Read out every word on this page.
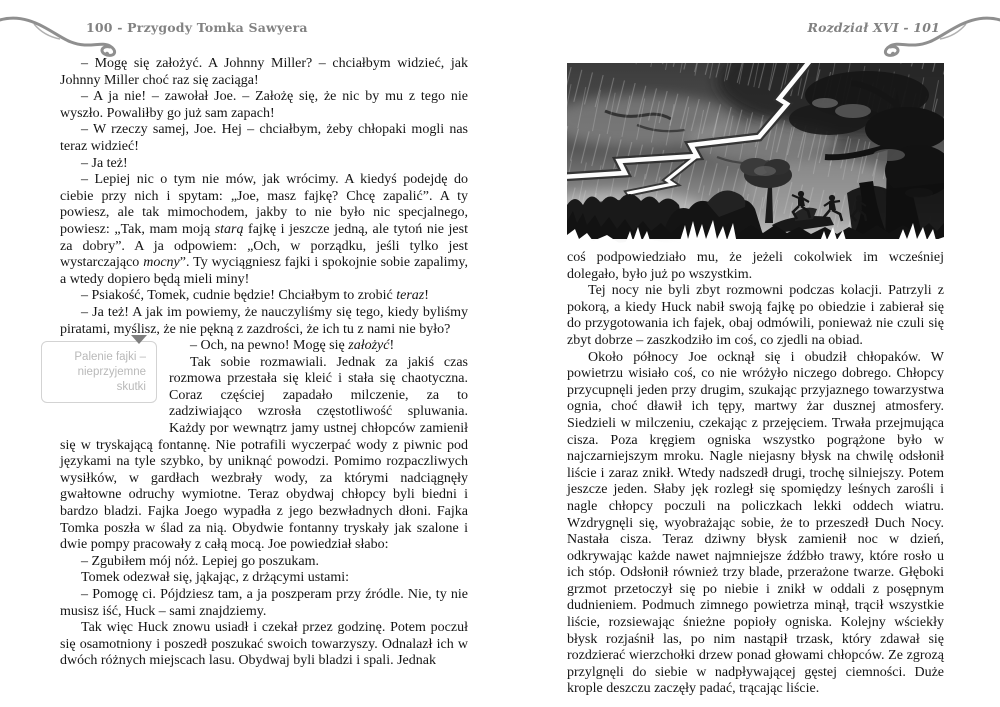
100 - Przygody Tomka Sawyera	Rozdział XVI - 101

– Mogę się założyć. A Johnny Miller? – chciałbym widzieć, jak Johnny Miller choć raz się zaciąga!

– A ja nie! – zawołał Joe. – Założę się, że nic by mu z tego nie wyszło. Powaliłby go już sam zapach!

– W rzeczy samej, Joe. Hej – chciałbym, żeby chłopaki mogli nas teraz widzieć!

– Ja też!

– Lepiej nic o tym nie mów, jak wrócimy. A kiedyś podejdę do ciebie przy nich i spytam: „Joe, masz fajkę? Chcę zapalić”. A ty powiesz, ale tak mimochodem, jakby to nie było nic specjalnego, powiesz: „Tak, mam moją starą fajkę i jeszcze jedną, ale tytoń nie jest za dobry”. A ja odpowiem: „Och, w porządku, jeśli tylko jest wystarczająco mocny”. Ty wyciągniesz fajki i spokojnie sobie zapalimy, a wtedy dopiero będą mieli miny!

– Psiakość, Tomek, cudnie będzie! Chciałbym to zrobić teraz!

– Ja też! A jak im powiemy, że nauczyliśmy się tego, kiedy byliśmy piratami, myślisz, że nie pękną z zazdrości, że ich tu z nami nie było?

Palenie fajki –
nieprzyjemne skutki

– Och, na pewno! Mogę się założyć!

Tak sobie rozmawiali. Jednak za jakiś czas rozmowa przestała się kleić i stała się chaotyczna. Coraz częściej zapadało milczenie, za to zadziwiająco wzrosła częstotliwość spluwania. Każdy por wewnątrz jamy ustnej chłopców zamienił się w tryskającą fontannę. Nie potrafili wyczerpać wody z piwnic pod językami na tyle szybko, by uniknąć powodzi. Pomimo rozpaczliwych wysiłków, w gardłach wezbrały wody, za którymi nadciągnęły gwałtowne odruchy wymiotne. Teraz obydwaj chłopcy byli biedni i bardzo bladzi. Fajka Joego wypadła z jego bezwładnych dłoni. Fajka Tomka poszła w ślad za nią. Obydwie fontanny tryskały jak szalone i dwie pompy pracowały z całą mocą. Joe powiedział słabo:

– Zgubiłem mój nóż. Lepiej go poszukam.

Tomek odezwał się, jąkając, z drżącymi ustami:

– Pomogę ci. Pójdziesz tam, a ja poszperam przy źródle. Nie, ty nie musisz iść, Huck – sami znajdziemy.

Tak więc Huck znowu usiadł i czekał przez godzinę. Potem poczuł się osamotniony i poszedł poszukać swoich towarzyszy. Odnalazł ich w dwóch różnych miejscach lasu. Obydwaj byli bladzi i spali. Jednak

coś podpowiedziało mu, że jeżeli cokolwiek im wcześniej dolegało, było już po wszystkim.

Tej nocy nie byli zbyt rozmowni podczas kolacji. Patrzyli z pokorą, a kiedy Huck nabił swoją fajkę po obiedzie i zabierał się do przygotowania ich fajek, obaj odmówili, ponieważ nie czuli się zbyt dobrze – zaszkodziło im coś, co zjedli na obiad.

Około północy Joe ocknął się i obudził chłopaków. W powietrzu wisiało coś, co nie wróżyło niczego dobrego. Chłopcy przycupnęli jeden przy drugim, szukając przyjaznego towarzystwa ognia, choć dławił ich tępy, martwy żar dusznej atmosfery. Siedzieli w milczeniu, czekając z przejęciem. Trwała przejmująca cisza. Poza kręgiem ogniska wszystko pogrążone było w najczarniejszym mroku. Nagle niejasny błysk na chwilę odsłonił liście i zaraz znikł. Wtedy nadszedł drugi, trochę silniejszy. Potem jeszcze jeden. Słaby jęk rozległ się spomiędzy leśnych zarośli i nagle chłopcy poczuli na policzkach lekki oddech wiatru. Wzdrygnęli się, wyobrażając sobie, że to przeszedł Duch Nocy. Nastała cisza. Teraz dziwny błysk zamienił noc w dzień, odkrywając każde nawet najmniejsze źdźbło trawy, które rosło u ich stóp. Odsłonił również trzy blade, przerażone twarze. Głęboki grzmot przetoczył się po niebie i znikł w oddali z posępnym dudnieniem. Podmuch zimnego powietrza minął, trącił wszystkie liście, rozsiewając śnieżne popioły ogniska. Kolejny wściekły błysk rozjaśnił las, po nim nastąpił trzask, który zdawał się rozdzierać wierzchołki drzew ponad głowami chłopców. Ze zgrozą przylgnęli do siebie w nadpływającej gęstej ciemności. Duże krople deszczu zaczęły padać, trącając liście.
